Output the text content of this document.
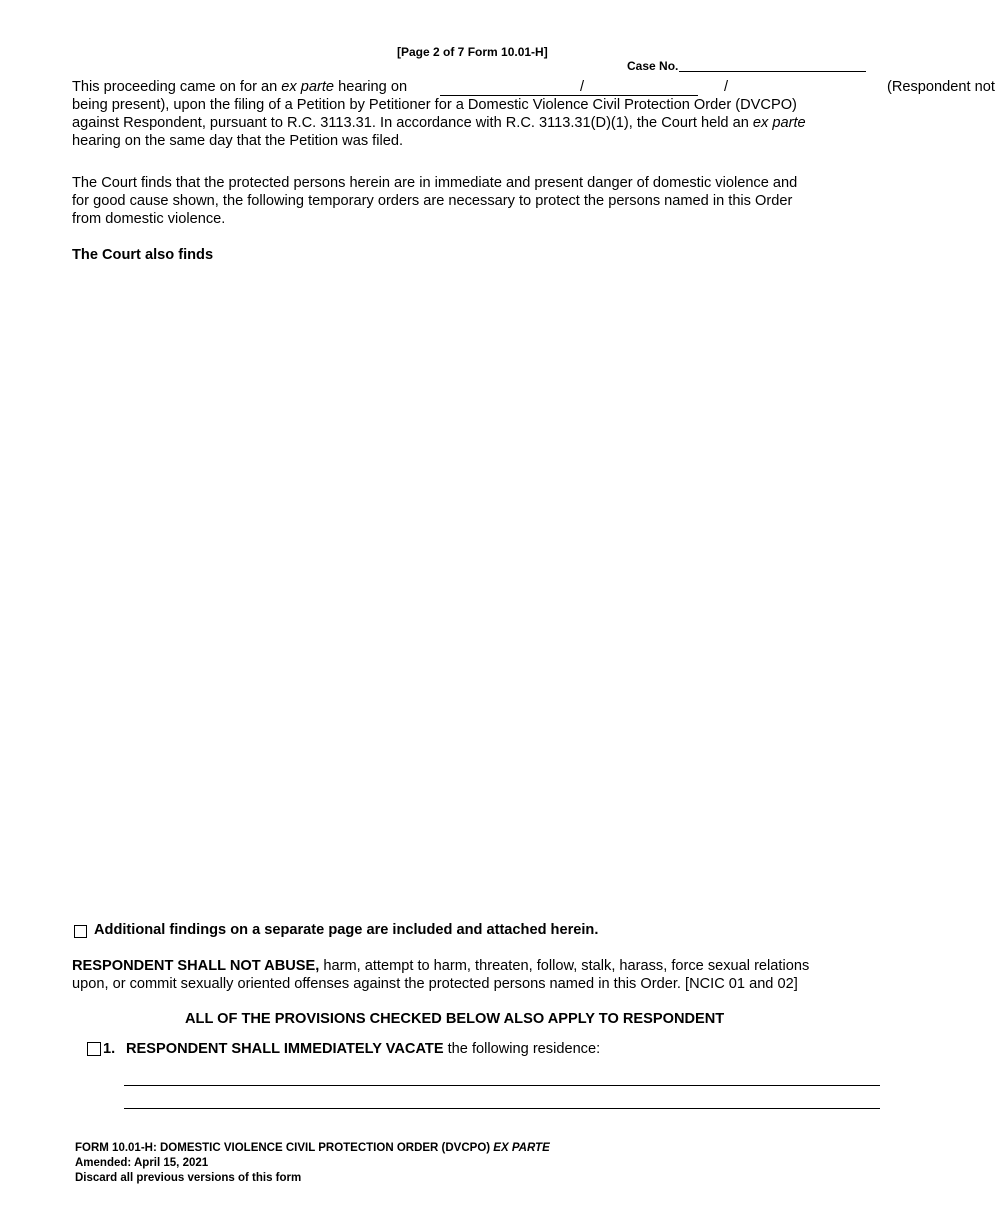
[Page 2 of 7 Form 10.01-H]
Case No.
This proceeding came on for an ex parte hearing on	/	/	(Respondent not
being present), upon the filing of a Petition by Petitioner for a Domestic Violence Civil Protection Order (DVCPO)
against Respondent, pursuant to R.C. 3113.31. In accordance with R.C. 3113.31(D)(1), the Court held an ex parte
hearing on the same day that the Petition was filed.
The Court finds that the protected persons herein are in immediate and present danger of domestic violence and
for good cause shown, the following temporary orders are necessary to protect the persons named in this Order
from domestic violence.
The Court also finds
Additional findings on a separate page are included and attached herein.
RESPONDENT SHALL NOT ABUSE, harm, attempt to harm, threaten, follow, stalk, harass, force sexual relations
upon, or commit sexually oriented offenses against the protected persons named in this Order. [NCIC 01 and 02]
ALL OF THE PROVISIONS CHECKED BELOW ALSO APPLY TO RESPONDENT
1. RESPONDENT SHALL IMMEDIATELY VACATE the following residence:
FORM 10.01-H: DOMESTIC VIOLENCE CIVIL PROTECTION ORDER (DVCPO) EX PARTE
Amended: April 15, 2021
Discard all previous versions of this form
